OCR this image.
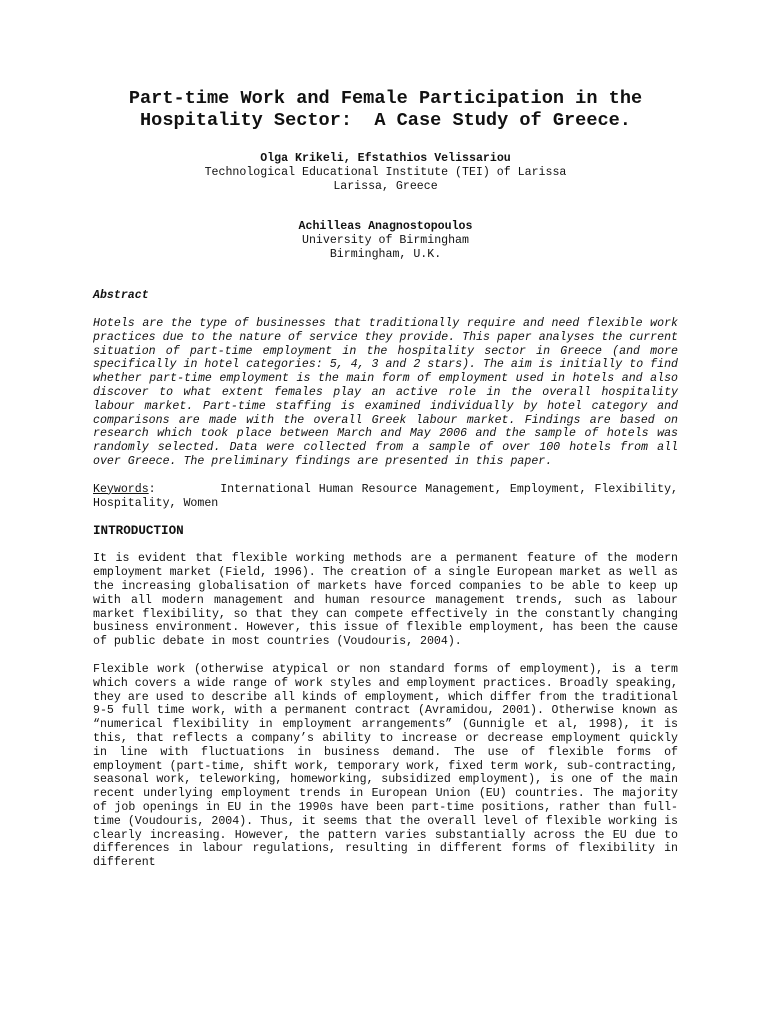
Part-time Work and Female Participation in the
Hospitality Sector:  A Case Study of Greece.
Olga Krikeli, Efstathios Velissariou
Technological Educational Institute (TEI) of Larissa
Larissa, Greece
Achilleas Anagnostopoulos
University of Birmingham
Birmingham, U.K.
Abstract
Hotels are the type of businesses that traditionally require and need flexible work practices due to the nature of service they provide. This paper analyses the current situation of part-time employment in the hospitality sector in Greece (and more specifically in hotel categories: 5, 4, 3 and 2 stars). The aim is initially to find whether part-time employment is the main form of employment used in hotels and also discover to what extent females play an active role in the overall hospitality labour market. Part-time staffing is examined individually by hotel category and comparisons are made with the overall Greek labour market. Findings are based on research which took place between March and May 2006 and the sample of hotels was randomly selected. Data were collected from a sample of over 100 hotels from all over Greece. The preliminary findings are presented in this paper.
Keywords:        International Human Resource Management, Employment, Flexibility, Hospitality, Women
INTRODUCTION
It is evident that flexible working methods are a permanent feature of the modern employment market (Field, 1996). The creation of a single European market as well as the increasing globalisation of markets have forced companies to be able to keep up with all modern management and human resource management trends, such as labour market flexibility, so that they can compete effectively in the constantly changing business environment. However, this issue of flexible employment, has been the cause of public debate in most countries (Voudouris, 2004).
Flexible work (otherwise atypical or non standard forms of employment), is a term which covers a wide range of work styles and employment practices. Broadly speaking, they are used to describe all kinds of employment, which differ from the traditional 9-5 full time work, with a permanent contract (Avramidou, 2001). Otherwise known as “numerical flexibility in employment arrangements” (Gunnigle et al, 1998), it is this, that reflects a company’s ability to increase or decrease employment quickly in line with fluctuations in business demand. The use of flexible forms of employment (part-time, shift work, temporary work, fixed term work, sub-contracting, seasonal work, teleworking, homeworking, subsidized employment), is one of the main recent underlying employment trends in European Union (EU) countries. The majority of job openings in EU in the 1990s have been part-time positions, rather than full-time (Voudouris, 2004). Thus, it seems that the overall level of flexible working is clearly increasing. However, the pattern varies substantially across the EU due to differences in labour regulations, resulting in different forms of flexibility in different
